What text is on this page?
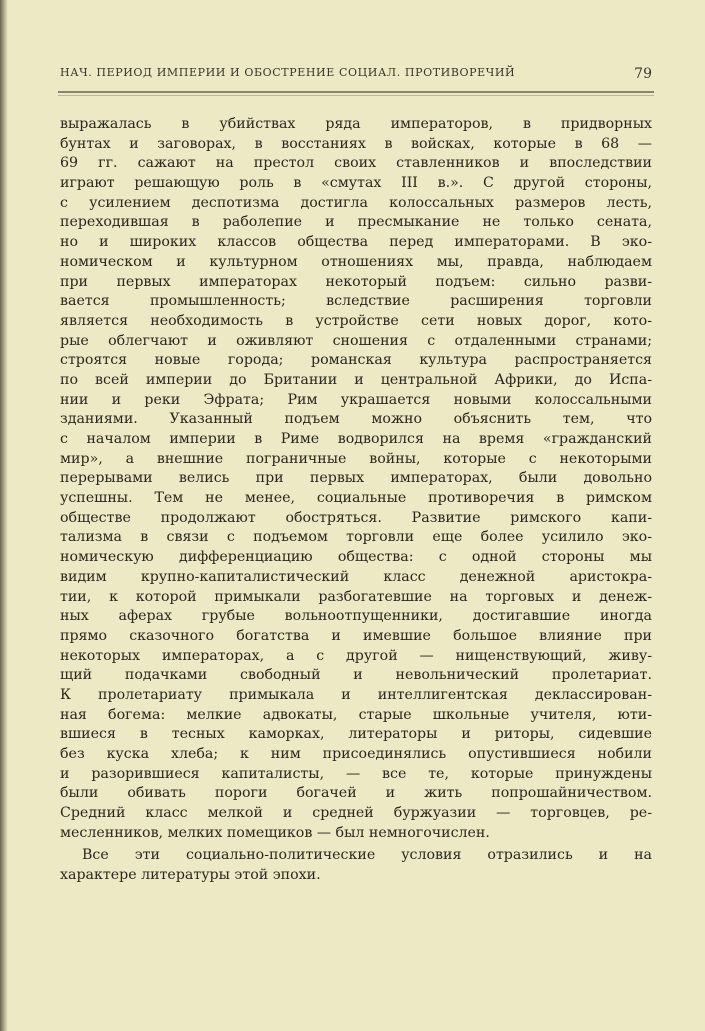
НАЧ. ПЕРИОД ИМПЕРИИ И ОБОСТРЕНИЕ СОЦИАЛ. ПРОТИВОРЕЧИЙ	79
выражалась в убийствах ряда императоров, в придворных
бунтах и заговорах, в восстаниях в войсках, которые в 68 —
69 гг. сажают на престол своих ставленников и впоследствии
играют решающую роль в «смутах III в.». С другой стороны,
с усилением деспотизма достигла колоссальных размеров лесть,
переходившая в раболепие и пресмыкание не только сената,
но и широких классов общества перед императорами. В эко-
номическом и культурном отношениях мы, правда, наблюдаем
при первых императорах некоторый подъем: сильно разви-
вается промышленность; вследствие расширения торговли
является необходимость в устройстве сети новых дорог, кото-
рые облегчают и оживляют сношения с отдаленными странами;
строятся новые города; романская культура распространяется
по всей империи до Британии и центральной Африки, до Испа-
нии и реки Эфрата; Рим украшается новыми колоссальными
зданиями. Указанный подъем можно объяснить тем, что
с началом империи в Риме водворился на время «гражданский
мир», а внешние пограничные войны, которые с некоторыми
перерывами велись при первых императорах, были довольно
успешны. Тем не менее, социальные противоречия в римском
обществе продолжают обостряться. Развитие римского капи-
тализма в связи с подъемом торговли еще более усилило эко-
номическую дифференциацию общества: с одной стороны мы
видим крупно-капиталистический класс денежной аристокра-
тии, к которой примыкали разбогатевшие на торговых и денеж-
ных аферах грубые вольноотпущенники, достигавшие иногда
прямо сказочного богатства и имевшие большое влияние при
некоторых императорах, а с другой — нищенствующий, живу-
щий подачками свободный и невольнический пролетариат.
К пролетариату примыкала и интеллигентская деклассирован-
ная богема: мелкие адвокаты, старые школьные учителя, юти-
вшиеся в тесных каморках, литераторы и риторы, сидевшие
без куска хлеба; к ним присоединялись опустившиеся нобили
и разорившиеся капиталисты, — все те, которые принуждены
были обивать пороги богачей и жить попрошайничеством.
Средний класс мелкой и средней буржуазии — торговцев, ре-
месленников, мелких помещиков — был немногочислен.
Все эти социально-политические условия отразились и на
характере литературы этой эпохи.
